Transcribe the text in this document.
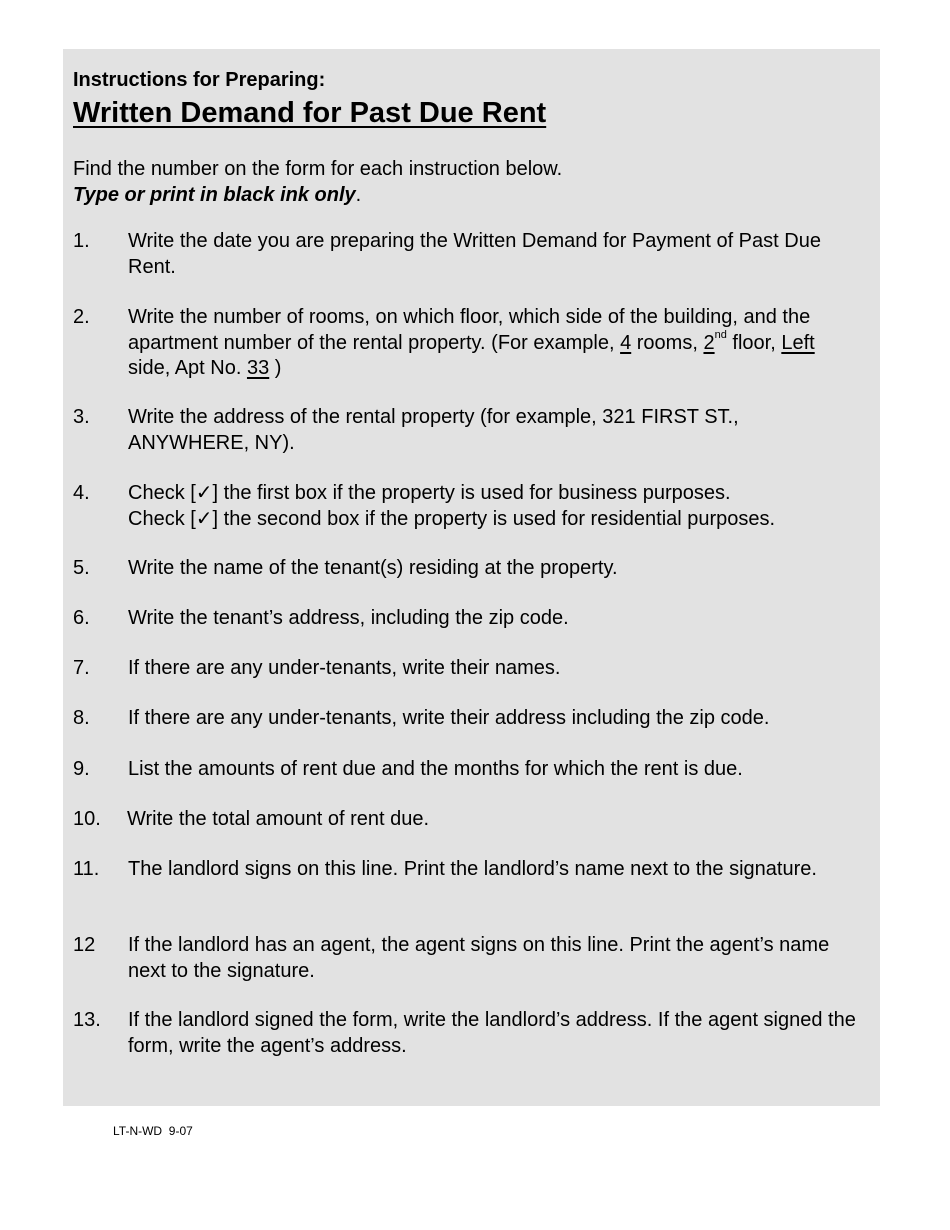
Instructions for Preparing:
Written Demand for Past Due Rent
Find the number on the form for each instruction below.
Type or print in black ink only.
1. Write the date you are preparing the Written Demand for Payment of Past Due Rent.
2. Write the number of rooms, on which floor, which side of the building, and the apartment number of the rental property. (For example, 4 rooms, 2nd floor, Left side, Apt No. 33 )
3. Write the address of the rental property (for example, 321 FIRST ST., ANYWHERE, NY).
4. Check [✓] the first box if the property is used for business purposes.
Check [✓] the second box if the property is used for residential purposes.
5. Write the name of the tenant(s) residing at the property.
6. Write the tenant’s address, including the zip code.
7. If there are any under-tenants, write their names.
8. If there are any under-tenants, write their address including the zip code.
9. List the amounts of rent due and the months for which the rent is due.
10. Write the total amount of rent due.
11. The landlord signs on this line. Print the landlord’s name next to the signature.
12 If the landlord has an agent, the agent signs on this line. Print the agent’s name next to the signature.
13. If the landlord signed the form, write the landlord’s address. If the agent signed the form, write the agent’s address.
LT-N-WD  9-07
